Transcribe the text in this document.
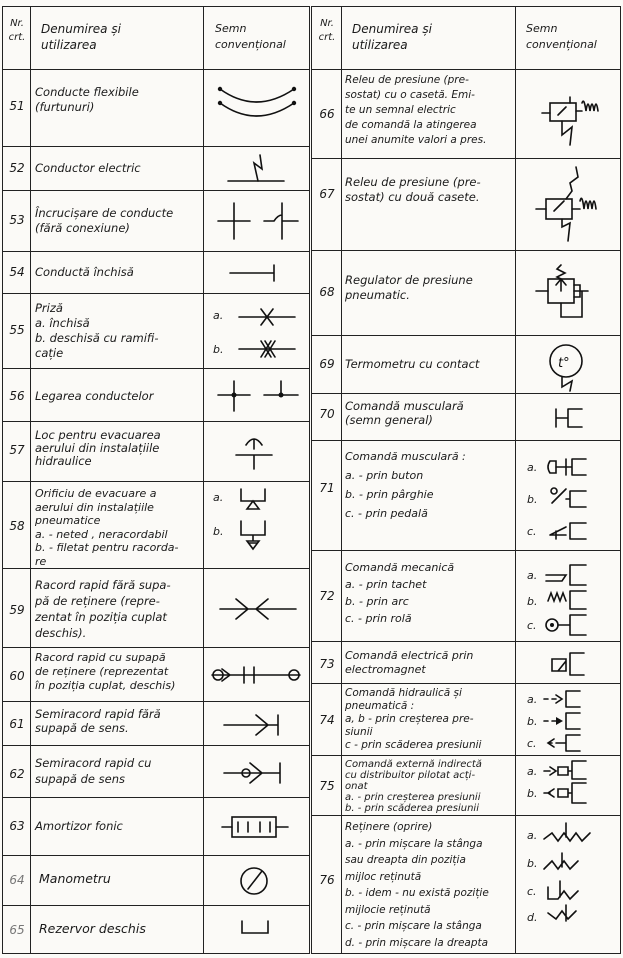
Nr.
crt.
Denumirea și
utilizarea
Semn
convențional
51
Conducte flexibile
(furtunuri)
52 Conductor electric
53 Încrucișare de conducte
(fără conexiune)
54 Conductă închisă
55
Priză
a. închisă
b. deschisă cu ramifi-
cație
56 Legarea conductelor
57
Loc pentru evacuarea
aerului din instalațiile
hidraulice
58
Orificiu de evacuare a
aerului din instalațiile
pneumatice
a. - neted , neracordabil
b. - filetat pentru racorda-
re
59
Racord rapid fără supa-
pă de reținere (repre-
zentat în poziția cuplat
deschis).
60
Racord rapid cu supapă
de reținere (reprezentat
în poziția cuplat, deschis)
61
Semiracord rapid fără
supapă de sens.
62
Semiracord rapid cu
supapă de sens
63 Amortizor fonic
64	Manometru
65	Rezervor deschis
a.
b.
a.
b.
Nr.
crt.
Denumirea și
utilizarea
Semn
convențional
66
Releu de presiune (pre-
sostat) cu o casetă. Emi-
te un semnal electric
de comandă la atingerea
unei anumite valori a pres.
67
Releu de presiune (pre-
sostat) cu două casete.
68
Regulator de presiune
pneumatic.
69 Termometru cu contact
70
Comandă musculară
(semn general)
71
Comandă musculară :
a. - prin buton
b. - prin pârghie
c. - prin pedală
72
Comandă mecanică
a. - prin tachet
b. - prin arc
c. - prin rolă
73
Comandă electrică prin
electromagnet
74
Comandă hidraulică și
pneumatică :
a, b - prin creșterea pre-
siunii
c - prin scăderea presiunii
75
Comandă externă indirectă
cu distribuitor pilotat acți-
onat
a. - prin creșterea presiunii
b. - prin scăderea presiunii
76
Reținere (oprire)
a. - prin mișcare la stânga
sau dreapta din poziția
mijloc reținută
b. - idem - nu există poziție
mijlocie reținută
c. - prin mișcare la stânga
d. - prin mișcare la dreapta
t°
a.
b.
c.
a.
b.
c.
a.
b.
c.
a.
b.
a.
b.
c.
d.
